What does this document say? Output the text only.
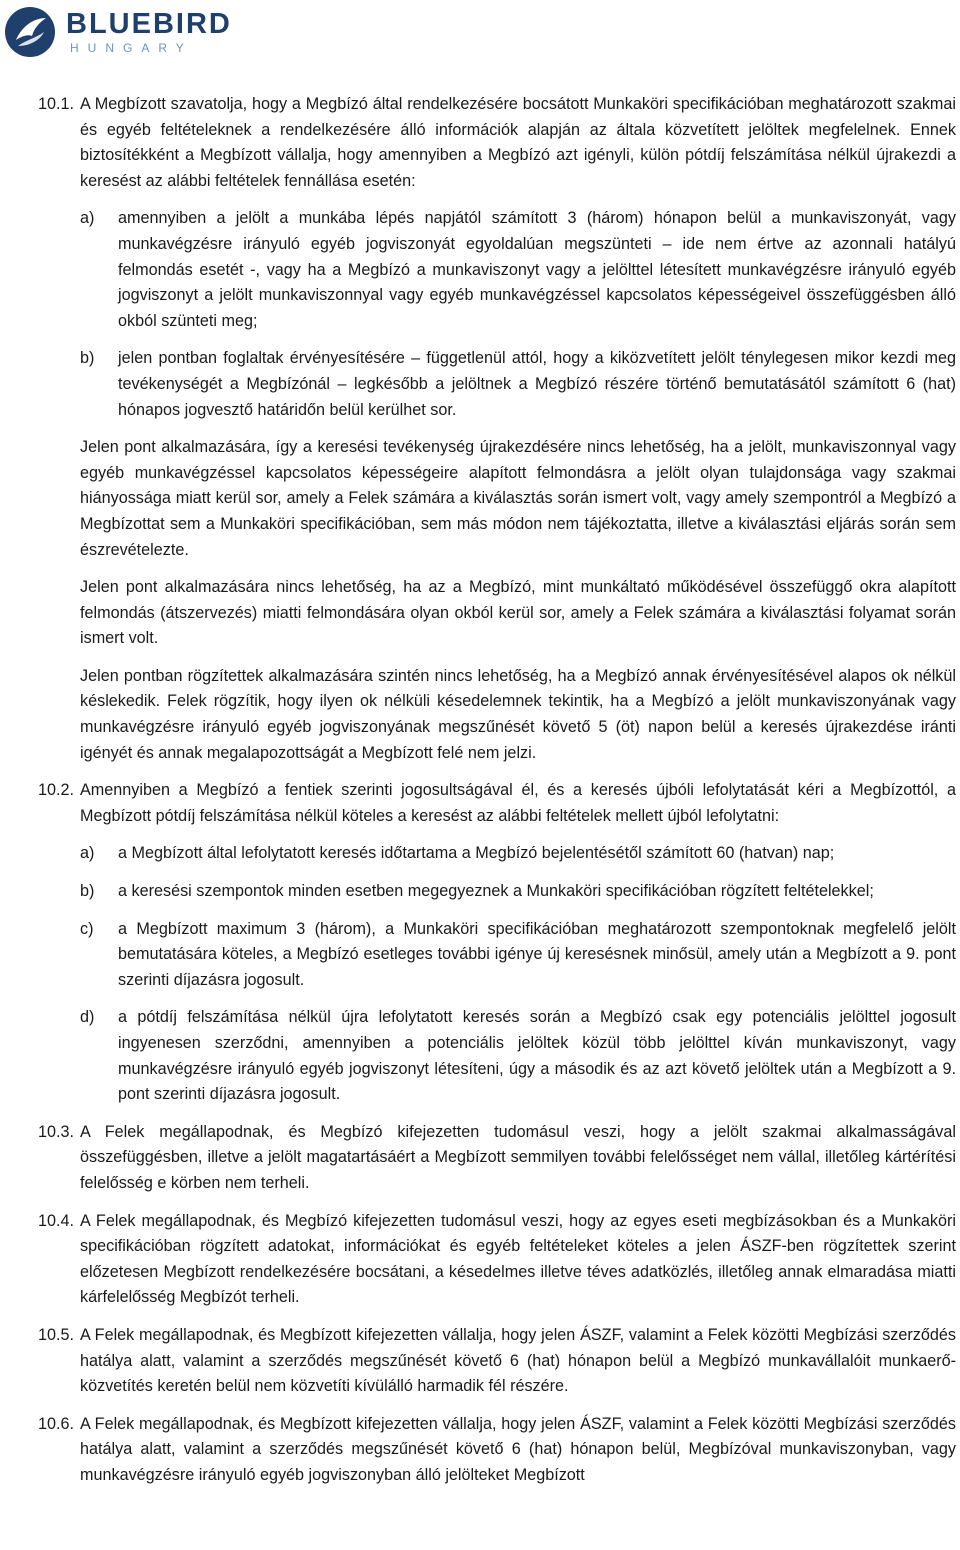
BLUEBIRD
HUNGARY
10.1. A Megbízott szavatolja, hogy a Megbízó által rendelkezésére bocsátott Munkaköri specifikációban meghatározott szakmai és egyéb feltételeknek a rendelkezésére álló információk alapján az általa közvetített jelöltek megfelelnek. Ennek biztosítékként a Megbízott vállalja, hogy amennyiben a Megbízó azt igényli, külön pótdíj felszámítása nélkül újrakezdi a keresést az alábbi feltételek fennállása esetén:

a)	amennyiben a jelölt a munkába lépés napjától számított 3 (három) hónapon belül a munkaviszonyát, vagy munkavégzésre irányuló egyéb jogviszonyát egyoldalúan megszünteti – ide nem értve az azonnali hatályú felmondás esetét -, vagy ha a Megbízó a munkaviszonyt vagy a jelölttel létesített munkavégzésre irányuló egyéb jogviszonyt a jelölt munkaviszonnyal vagy egyéb munkavégzéssel kapcsolatos képességeivel összefüggésben álló okból szünteti meg;
b)	jelen pontban foglaltak érvényesítésére – függetlenül attól, hogy a kiközvetített jelölt ténylegesen mikor kezdi meg tevékenységét a Megbízónál – legkésőbb a jelöltnek a Megbízó részére történő bemutatásától számított 6 (hat) hónapos jogvesztő határidőn belül kerülhet sor.

Jelen pont alkalmazására, így a keresési tevékenység újrakezdésére nincs lehetőség, ha a jelölt, munkaviszonnyal vagy egyéb munkavégzéssel kapcsolatos képességeire alapított felmondásra a jelölt olyan tulajdonsága vagy szakmai hiányossága miatt kerül sor, amely a Felek számára a kiválasztás során ismert volt, vagy amely szempontról a Megbízó a Megbízottat sem a Munkaköri specifikációban, sem más módon nem tájékoztatta, illetve a kiválasztási eljárás során sem észrevételezte.

Jelen pont alkalmazására nincs lehetőség, ha az a Megbízó, mint munkáltató működésével összefüggő okra alapított felmondás (átszervezés) miatti felmondására olyan okból kerül sor, amely a Felek számára a kiválasztási folyamat során ismert volt.

Jelen pontban rögzítettek alkalmazására szintén nincs lehetőség, ha a Megbízó annak érvényesítésével alapos ok nélkül késlekedik. Felek rögzítik, hogy ilyen ok nélküli késedelemnek tekintik, ha a Megbízó a jelölt munkaviszonyának vagy munkavégzésre irányuló egyéb jogviszonyának megszűnését követő 5 (öt) napon belül a keresés újrakezdése iránti igényét és annak megalapozottságát a Megbízott felé nem jelzi.

10.2. Amennyiben a Megbízó a fentiek szerinti jogosultságával él, és a keresés újbóli lefolytatását kéri a Megbízottól, a Megbízott pótdíj felszámítása nélkül köteles a keresést az alábbi feltételek mellett újból lefolytatni:

a)	a Megbízott által lefolytatott keresés időtartama a Megbízó bejelentésétől számított 60 (hatvan) nap;
b)	a keresési szempontok minden esetben megegyeznek a Munkaköri specifikációban rögzített feltételekkel;
c)	a Megbízott maximum 3 (három), a Munkaköri specifikációban meghatározott szempontoknak megfelelő jelölt bemutatására köteles, a Megbízó esetleges további igénye új keresésnek minősül, amely után a Megbízott a 9. pont szerinti díjazásra jogosult.
d)	a pótdíj felszámítása nélkül újra lefolytatott keresés során a Megbízó csak egy potenciális jelölttel jogosult ingyenesen szerződni, amennyiben a potenciális jelöltek közül több jelölttel kíván munkaviszonyt, vagy munkavégzésre irányuló egyéb jogviszonyt létesíteni, úgy a második és az azt követő jelöltek után a Megbízott a 9. pont szerinti díjazásra jogosult.
10.3. A Felek megállapodnak, és Megbízó kifejezetten tudomásul veszi, hogy a jelölt szakmai alkalmasságával összefüggésben, illetve a jelölt magatartásáért a Megbízott semmilyen további felelősséget nem vállal, illetőleg kártérítési felelősség e körben nem terheli.

10.4. A Felek megállapodnak, és Megbízó kifejezetten tudomásul veszi, hogy az egyes eseti megbízásokban és a Munkaköri specifikációban rögzített adatokat, információkat és egyéb feltételeket köteles a jelen ÁSZF-ben rögzítettek szerint előzetesen Megbízott rendelkezésére bocsátani, a késedelmes illetve téves adatközlés, illetőleg annak elmaradása miatti kárfelelősség Megbízót terheli.

10.5. A Felek megállapodnak, és Megbízott kifejezetten vállalja, hogy jelen ÁSZF, valamint a Felek közötti Megbízási szerződés hatálya alatt, valamint a szerződés megszűnését követő 6 (hat) hónapon belül a Megbízó munkavállalóit munkaerő-közvetítés keretén belül nem közvetíti kívülálló harmadik fél részére.

10.6. A Felek megállapodnak, és Megbízott kifejezetten vállalja, hogy jelen ÁSZF, valamint a Felek közötti Megbízási szerződés hatálya alatt, valamint a szerződés megszűnését követő 6 (hat) hónapon belül, Megbízóval munkaviszonyban, vagy munkavégzésre irányuló egyéb jogviszonyban álló jelölteket Megbízott
